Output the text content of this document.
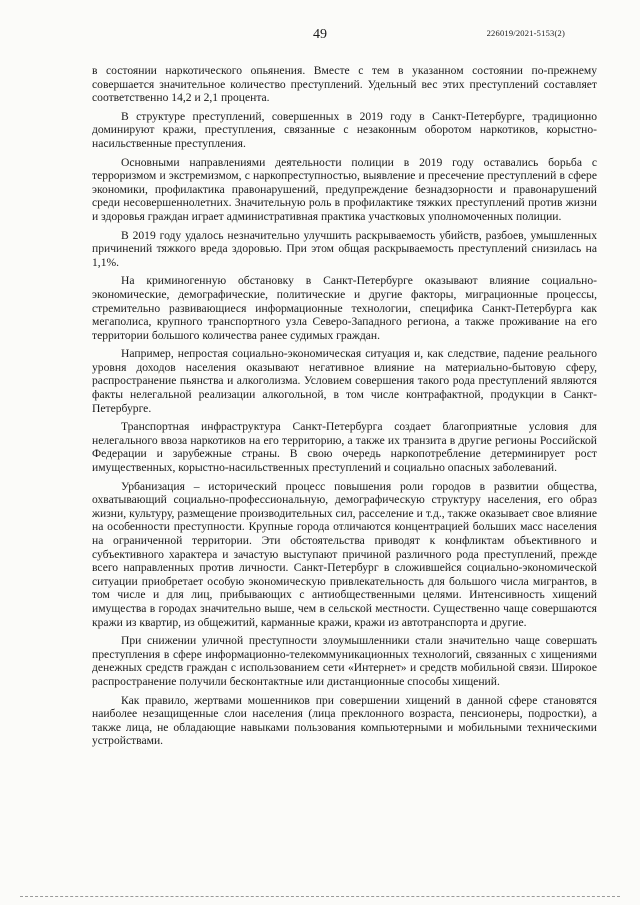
49	226019/2021-5153(2)

в состоянии наркотического опьянения. Вместе с тем в указанном состоянии по-прежнему совершается значительное количество преступлений. Удельный вес этих преступлений составляет соответственно 14,2 и 2,1 процента.

В структуре преступлений, совершенных в 2019 году в Санкт-Петербурге, традиционно доминируют кражи, преступления, связанные с незаконным оборотом наркотиков, корыстно-насильственные преступления.

Основными направлениями деятельности полиции в 2019 году оставались борьба с терроризмом и экстремизмом, с наркопреступностью, выявление и пресечение преступлений в сфере экономики, профилактика правонарушений, предупреждение безнадзорности и правонарушений среди несовершеннолетних. Значительную роль в профилактике тяжких преступлений против жизни и здоровья граждан играет административная практика участковых уполномоченных полиции.

В 2019 году удалось незначительно улучшить раскрываемость убийств, разбоев, умышленных причинений тяжкого вреда здоровью. При этом общая раскрываемость преступлений снизилась на 1,1%.

На криминогенную обстановку в Санкт-Петербурге оказывают влияние социально-экономические, демографические, политические и другие факторы, миграционные процессы, стремительно развивающиеся информационные технологии, специфика Санкт-Петербурга как мегаполиса, крупного транспортного узла Северо-Западного региона, а также проживание на его территории большого количества ранее судимых граждан.

Например, непростая социально-экономическая ситуация и, как следствие, падение реального уровня доходов населения оказывают негативное влияние на материально-бытовую сферу, распространение пьянства и алкоголизма. Условием совершения такого рода преступлений являются факты нелегальной реализации алкогольной, в том числе контрафактной, продукции в Санкт-Петербурге.

Транспортная инфраструктура Санкт-Петербурга создает благоприятные условия для нелегального ввоза наркотиков на его территорию, а также их транзита в другие регионы Российской Федерации и зарубежные страны. В свою очередь наркопотребление детерминирует рост имущественных, корыстно-насильственных преступлений и социально опасных заболеваний.

Урбанизация – исторический процесс повышения роли городов в развитии общества, охватывающий социально-профессиональную, демографическую структуру населения, его образ жизни, культуру, размещение производительных сил, расселение и т.д., также оказывает свое влияние на особенности преступности. Крупные города отличаются концентрацией больших масс населения на ограниченной территории. Эти обстоятельства приводят к конфликтам объективного и субъективного характера и зачастую выступают причиной различного рода преступлений, прежде всего направленных против личности. Санкт-Петербург в сложившейся социально-экономической ситуации приобретает особую экономическую привлекательность для большого числа мигрантов, в том числе и для лиц, прибывающих с антиобщественными целями. Интенсивность хищений имущества в городах значительно выше, чем в сельской местности. Существенно чаще совершаются кражи из квартир, из общежитий, карманные кражи, кражи из автотранспорта и другие.

При снижении уличной преступности злоумышленники стали значительно чаще совершать преступления в сфере информационно-телекоммуникационных технологий, связанных с хищениями денежных средств граждан с использованием сети «Интернет» и средств мобильной связи. Широкое распространение получили бесконтактные или дистанционные способы хищений.

Как правило, жертвами мошенников при совершении хищений в данной сфере становятся наиболее незащищенные слои населения (лица преклонного возраста, пенсионеры, подростки), а также лица, не обладающие навыками пользования компьютерными и мобильными техническими устройствами.
